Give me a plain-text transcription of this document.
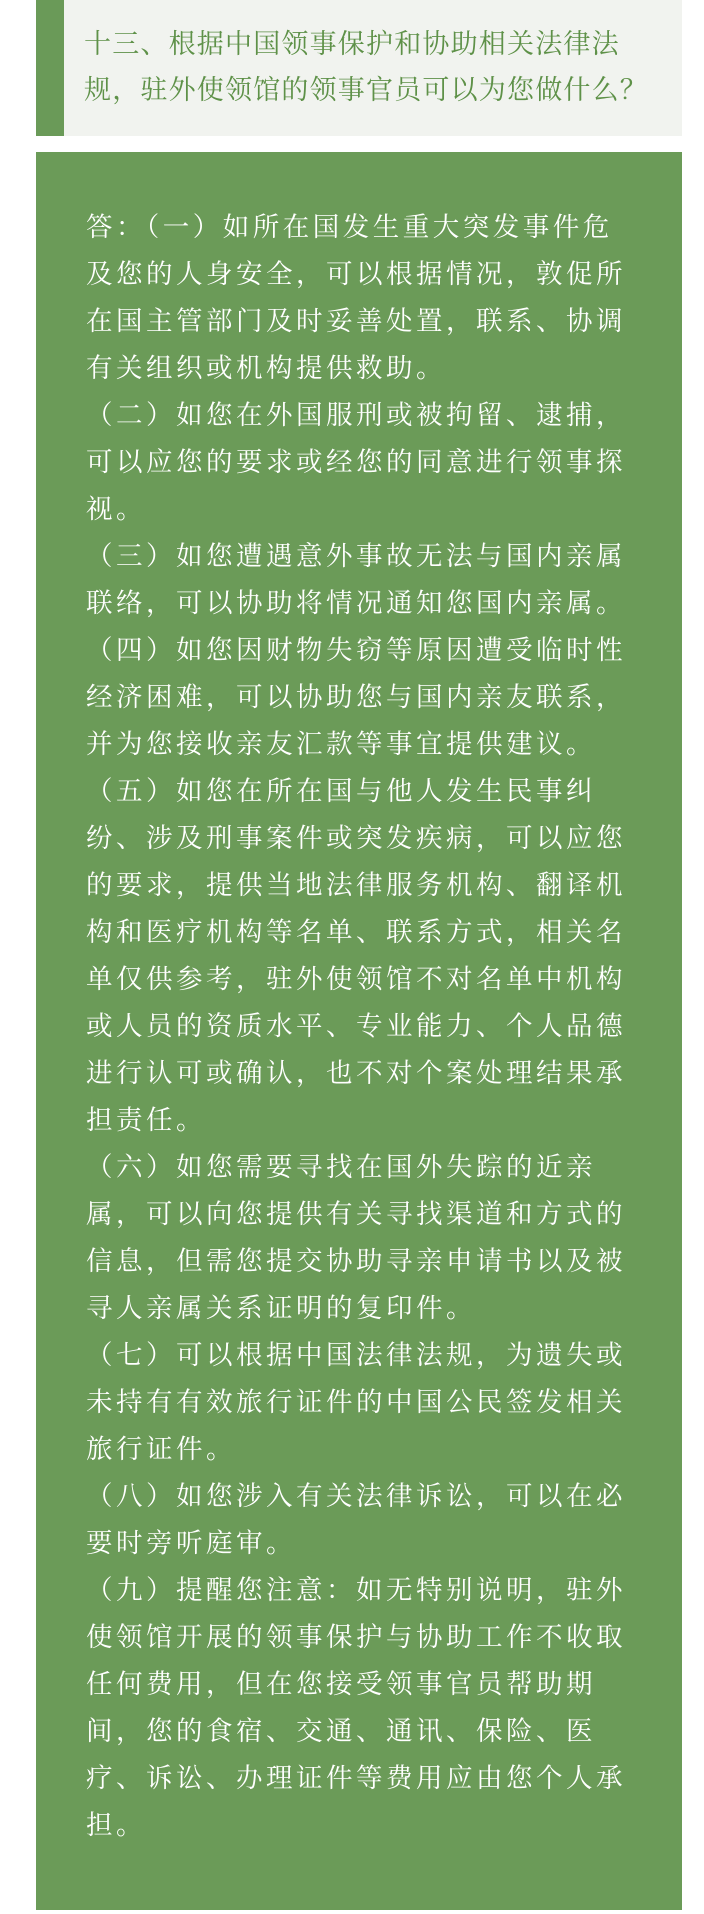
十三、根据中国领事保护和协助相关法律法规，驻外使领馆的领事官员可以为您做什么？

答：（一）如所在国发生重大突发事件危及您的人身安全，可以根据情况，敦促所在国主管部门及时妥善处置，联系、协调有关组织或机构提供救助。

（二）如您在外国服刑或被拘留、逮捕，可以应您的要求或经您的同意进行领事探视。

（三）如您遭遇意外事故无法与国内亲属联络，可以协助将情况通知您国内亲属。

（四）如您因财物失窃等原因遭受临时性经济困难，可以协助您与国内亲友联系，并为您接收亲友汇款等事宜提供建议。

（五）如您在所在国与他人发生民事纠纷、涉及刑事案件或突发疾病，可以应您的要求，提供当地法律服务机构、翻译机构和医疗机构等名单、联系方式，相关名单仅供参考，驻外使领馆不对名单中机构或人员的资质水平、专业能力、个人品德进行认可或确认，也不对个案处理结果承担责任。

（六）如您需要寻找在国外失踪的近亲属，可以向您提供有关寻找渠道和方式的信息，但需您提交协助寻亲申请书以及被寻人亲属关系证明的复印件。

（七）可以根据中国法律法规，为遗失或未持有有效旅行证件的中国公民签发相关旅行证件。

（八）如您涉入有关法律诉讼，可以在必要时旁听庭审。

（九）提醒您注意：如无特别说明，驻外使领馆开展的领事保护与协助工作不收取任何费用，但在您接受领事官员帮助期间，您的食宿、交通、通讯、保险、医疗、诉讼、办理证件等费用应由您个人承担。
